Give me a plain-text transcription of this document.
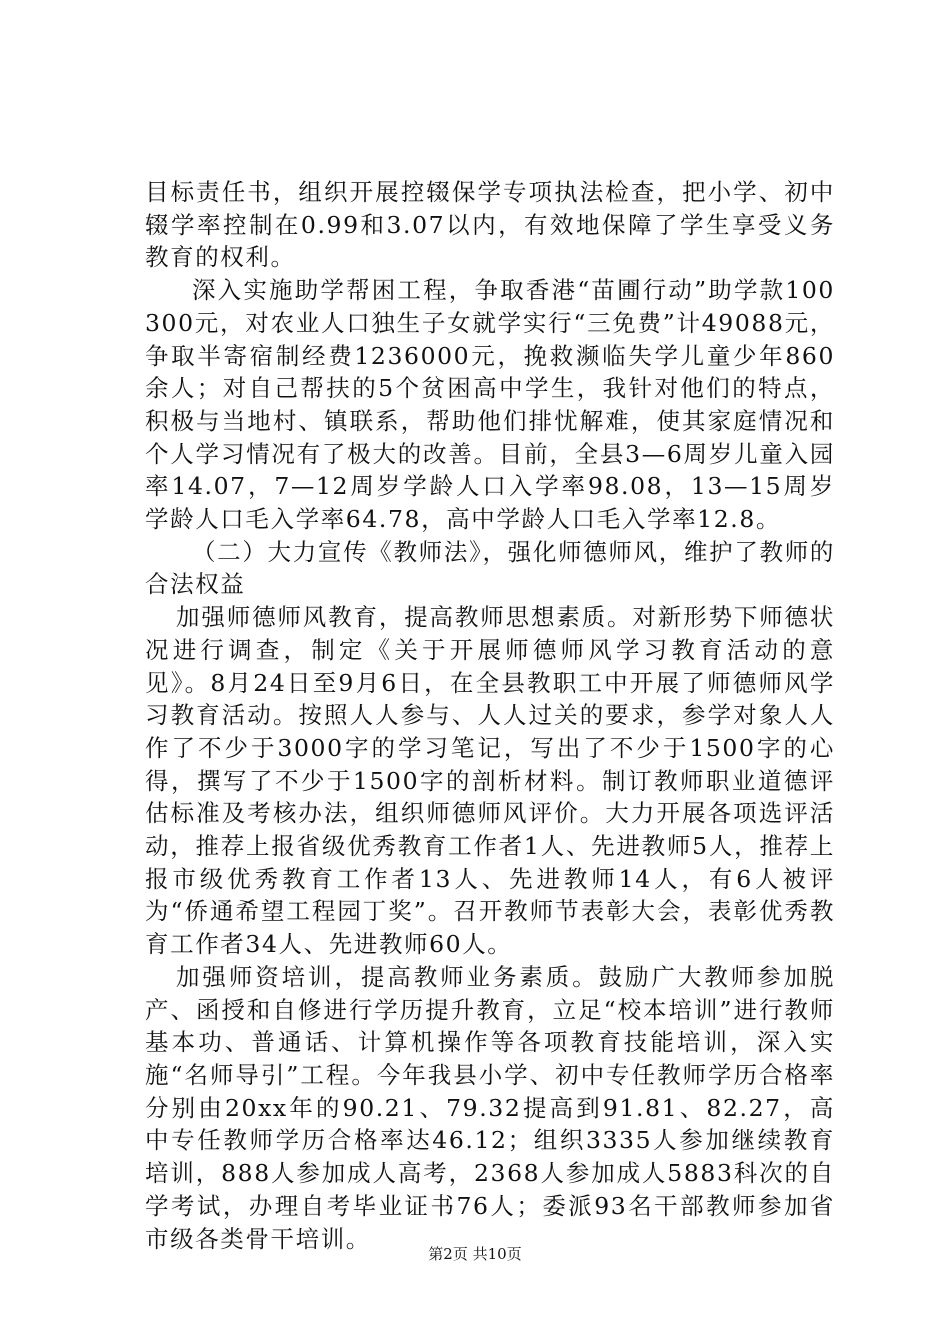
目标责任书，组织开展控辍保学专项执法检查，把小学、初中辍学率控制在0.99和3.07以内，有效地保障了学生享受义务教育的权利。

深入实施助学帮困工程，争取香港“苗圃行动”助学款100300元，对农业人口独生子女就学实行“三免费”计49088元，争取半寄宿制经费1236000元，挽救濒临失学儿童少年860余人；对自己帮扶的5个贫困高中学生，我针对他们的特点，积极与当地村、镇联系，帮助他们排忧解难，使其家庭情况和个人学习情况有了极大的改善。目前，全县3—6周岁儿童入园率14.07，7—12周岁学龄人口入学率98.08，13—15周岁学龄人口毛入学率64.78，高中学龄人口毛入学率12.8。

（二）大力宣传《教师法》，强化师德师风，维护了教师的合法权益

加强师德师风教育，提高教师思想素质。对新形势下师德状况进行调查，制定《关于开展师德师风学习教育活动的意见》。8月24日至9月6日，在全县教职工中开展了师德师风学习教育活动。按照人人参与、人人过关的要求，参学对象人人作了不少于3000字的学习笔记，写出了不少于1500字的心得，撰写了不少于1500字的剖析材料。制订教师职业道德评估标准及考核办法，组织师德师风评价。大力开展各项选评活动，推荐上报省级优秀教育工作者1人、先进教师5人，推荐上报市级优秀教育工作者13人、先进教师14人，有6人被评为“侨通希望工程园丁奖”。召开教师节表彰大会，表彰优秀教育工作者34人、先进教师60人。

加强师资培训，提高教师业务素质。鼓励广大教师参加脱产、函授和自修进行学历提升教育，立足“校本培训”进行教师基本功、普通话、计算机操作等各项教育技能培训，深入实施“名师导引”工程。今年我县小学、初中专任教师学历合格率分别由20xx年的90.21、79.32提高到91.81、82.27，高中专任教师学历合格率达46.12；组织3335人参加继续教育培训，888人参加成人高考，2368人参加成人5883科次的自学考试，办理自考毕业证书76人；委派93名干部教师参加省市级各类骨干培训。

第2页 共10页
